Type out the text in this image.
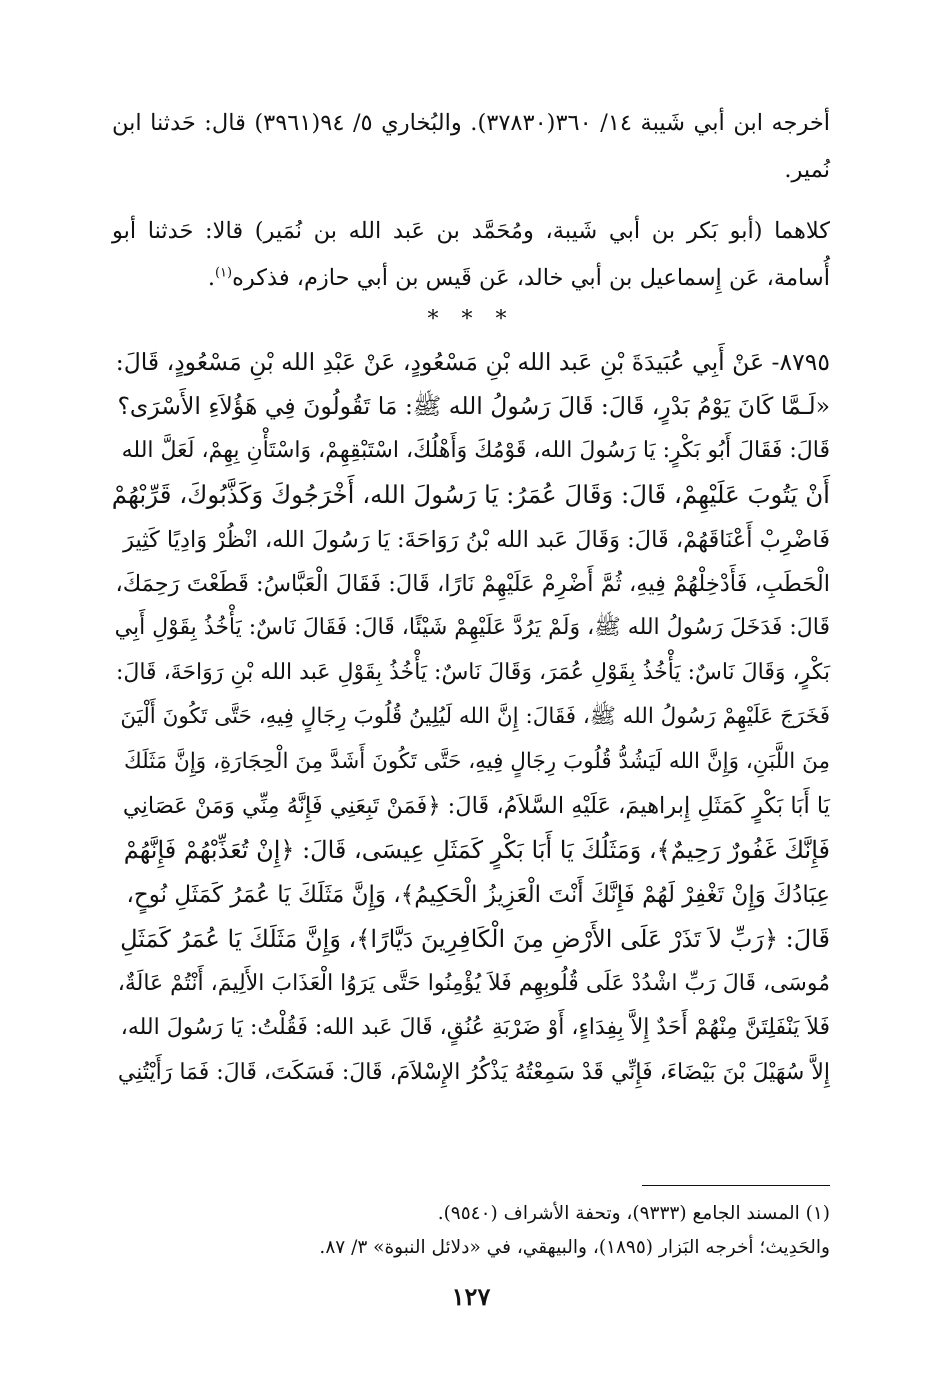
أخرجه ابن أبي شَيبة ١٤/ ٣٦٠(٣٧٨٣٠). والبُخاري ٥/ ٩٤(٣٩٦١) قال: حَدثنا ابن نُمير.

كلاهما (أبو بَكر بن أبي شَيبة، ومُحَمَّد بن عَبد الله بن نُمَير) قالا: حَدثنا أبو أُسامة، عَن إِسماعيل بن أبي خالد، عَن قَيس بن أبي حازم، فذكره$^{(١)}$.

* * *
٨٧٩٥- عَنْ أَبِي عُبَيدَةَ بْنِ عَبد الله بْنِ مَسْعُودٍ، عَنْ عَبْدِ الله بْنِ مَسْعُودٍ، قَالَ:
«لَـمَّا كَانَ يَوْمُ بَدْرٍ، قَالَ: قَالَ رَسُولُ الله ﷺ: مَا تَقُولُونَ فِي هَؤُلاَءِ الأَسْرَى؟
قَالَ: فَقَالَ أَبُو بَكْرٍ: يَا رَسُولَ الله، قَوْمُكَ وَأَهْلُكَ، اسْتَبْقِهِمْ، وَاسْتَأْنِ بِهِمْ، لَعَلَّ الله
أَنْ يَتُوبَ عَلَيْهِمْ، قَالَ: وَقَالَ عُمَرُ: يَا رَسُولَ الله، أَخْرَجُوكَ وَكَذَّبُوكَ، قَرِّبْهُمْ
فَاضْرِبْ أَعْنَاقَهُمْ، قَالَ: وَقَالَ عَبد الله بْنُ رَوَاحَةَ: يَا رَسُولَ الله، انْظُرْ وَادِيًا كَثِيرَ
الْحَطَبِ، فَأَدْخِلْهُمْ فِيهِ، ثُمَّ أَضْرِمْ عَلَيْهِمْ نَارًا، قَالَ: فَقَالَ الْعَبَّاسُ: قَطَعْتَ رَحِمَكَ،
قَالَ: فَدَخَلَ رَسُولُ الله ﷺ، وَلَمْ يَرُدَّ عَلَيْهِمْ شَيْئًا، قَالَ: فَقَالَ نَاسٌ: يَأْخُذُ بِقَوْلِ أَبِي
بَكْرٍ، وَقَالَ نَاسٌ: يَأْخُذُ بِقَوْلِ عُمَرَ، وَقَالَ نَاسٌ: يَأْخُذُ بِقَوْلِ عَبد الله بْنِ رَوَاحَةَ، قَالَ:
فَخَرَجَ عَلَيْهِمْ رَسُولُ الله ﷺ، فَقَالَ: إِنَّ الله لَيُلِينُ قُلُوبَ رِجَالٍ فِيهِ، حَتَّى تَكُونَ أَلْيَنَ
مِنَ اللَّبَنِ، وَإِنَّ الله لَيَشُدُّ قُلُوبَ رِجَالٍ فِيهِ، حَتَّى تَكُونَ أَشَدَّ مِنَ الْحِجَارَةِ، وَإِنَّ مَثَلَكَ
يَا أَبَا بَكْرٍ كَمَثَلِ إِبراهيمَ، عَلَيْهِ السَّلاَمُ، قَالَ: ﴿فَمَنْ تَبِعَنِي فَإِنَّهُ مِنِّي وَمَنْ عَصَانِي
فَإِنَّكَ غَفُورٌ رَحِيمٌ﴾، وَمَثَلُكَ يَا أَبَا بَكْرٍ كَمَثَلِ عِيسَى، قَالَ: ﴿إِنْ تُعَذِّبْهُمْ فَإِنَّهُمْ
عِبَادُكَ وَإِنْ تَغْفِرْ لَهُمْ فَإِنَّكَ أَنْتَ الْعَزِيزُ الْحَكِيمُ﴾، وَإِنَّ مَثَلَكَ يَا عُمَرُ كَمَثَلِ نُوحٍ،
قَالَ: ﴿رَبِّ لاَ تَذَرْ عَلَى الأَرْضِ مِنَ الْكَافِرِينَ دَيَّارًا﴾، وَإِنَّ مَثَلَكَ يَا عُمَرُ كَمَثَلِ
مُوسَى، قَالَ رَبِّ اشْدُدْ عَلَى قُلُوبِهِم فَلاَ يُؤْمِنُوا حَتَّى يَرَوُا الْعَذَابَ الأَلِيمَ، أَنْتُمْ عَالَةٌ،
فَلاَ يَنْفَلِتَنَّ مِنْهُمْ أَحَدٌ إِلاَّ بِفِدَاءٍ، أَوْ ضَرْبَةِ عُنُقٍ، قَالَ عَبد الله: فَقُلْتُ: يَا رَسُولَ الله،
إِلاَّ سُهَيْلَ بْنَ بَيْضَاءَ، فَإِنِّي قَدْ سَمِعْتُهُ يَذْكُرُ الإِسْلاَمَ، قَالَ: فَسَكَتَ، قَالَ: فَمَا رَأَيْتُنِي

(١) المسند الجامع (٩٣٣٣)، وتحفة الأشراف (٩٥٤٠).

والحَدِيث؛ أخرجه البَزار (١٨٩٥)، والبيهقي، في «دلائل النبوة» ٣/ ٨٧.

١٢٧
